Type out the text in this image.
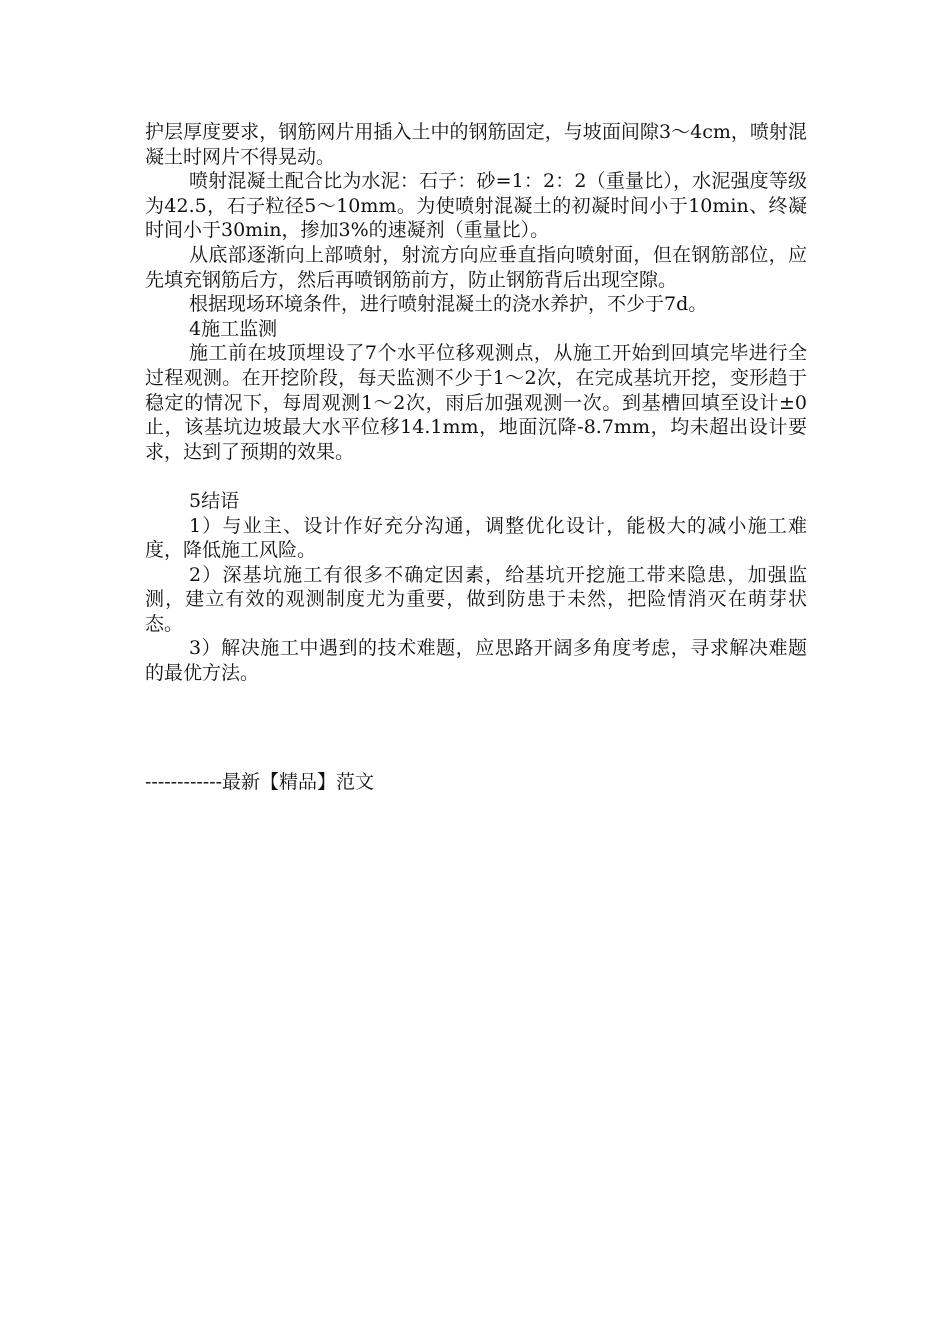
护层厚度要求，钢筋网片用插入土中的钢筋固定，与坡面间隙3～4cm，喷射混凝土时网片不得晃动。

喷射混凝土配合比为水泥：石子：砂=1：2：2（重量比），水泥强度等级为42.5，石子粒径5～10mm。为使喷射混凝土的初凝时间小于10min、终凝时间小于30min，掺加3%的速凝剂（重量比）。

从底部逐渐向上部喷射，射流方向应垂直指向喷射面，但在钢筋部位，应先填充钢筋后方，然后再喷钢筋前方，防止钢筋背后出现空隙。

根据现场环境条件，进行喷射混凝土的浇水养护，不少于7d。

4施工监测

施工前在坡顶埋设了7个水平位移观测点，从施工开始到回填完毕进行全过程观测。在开挖阶段，每天监测不少于1～2次，在完成基坑开挖，变形趋于稳定的情况下，每周观测1～2次，雨后加强观测一次。到基槽回填至设计±0止，该基坑边坡最大水平位移14.1mm，地面沉降-8.7mm，均未超出设计要求，达到了预期的效果。

5结语

1）与业主、设计作好充分沟通，调整优化设计，能极大的减小施工难度，降低施工风险。

2）深基坑施工有很多不确定因素，给基坑开挖施工带来隐患，加强监测，建立有效的观测制度尤为重要，做到防患于未然，把险情消灭在萌芽状态。

3）解决施工中遇到的技术难题，应思路开阔多角度考虑，寻求解决难题的最优方法。

------------最新【精品】范文
